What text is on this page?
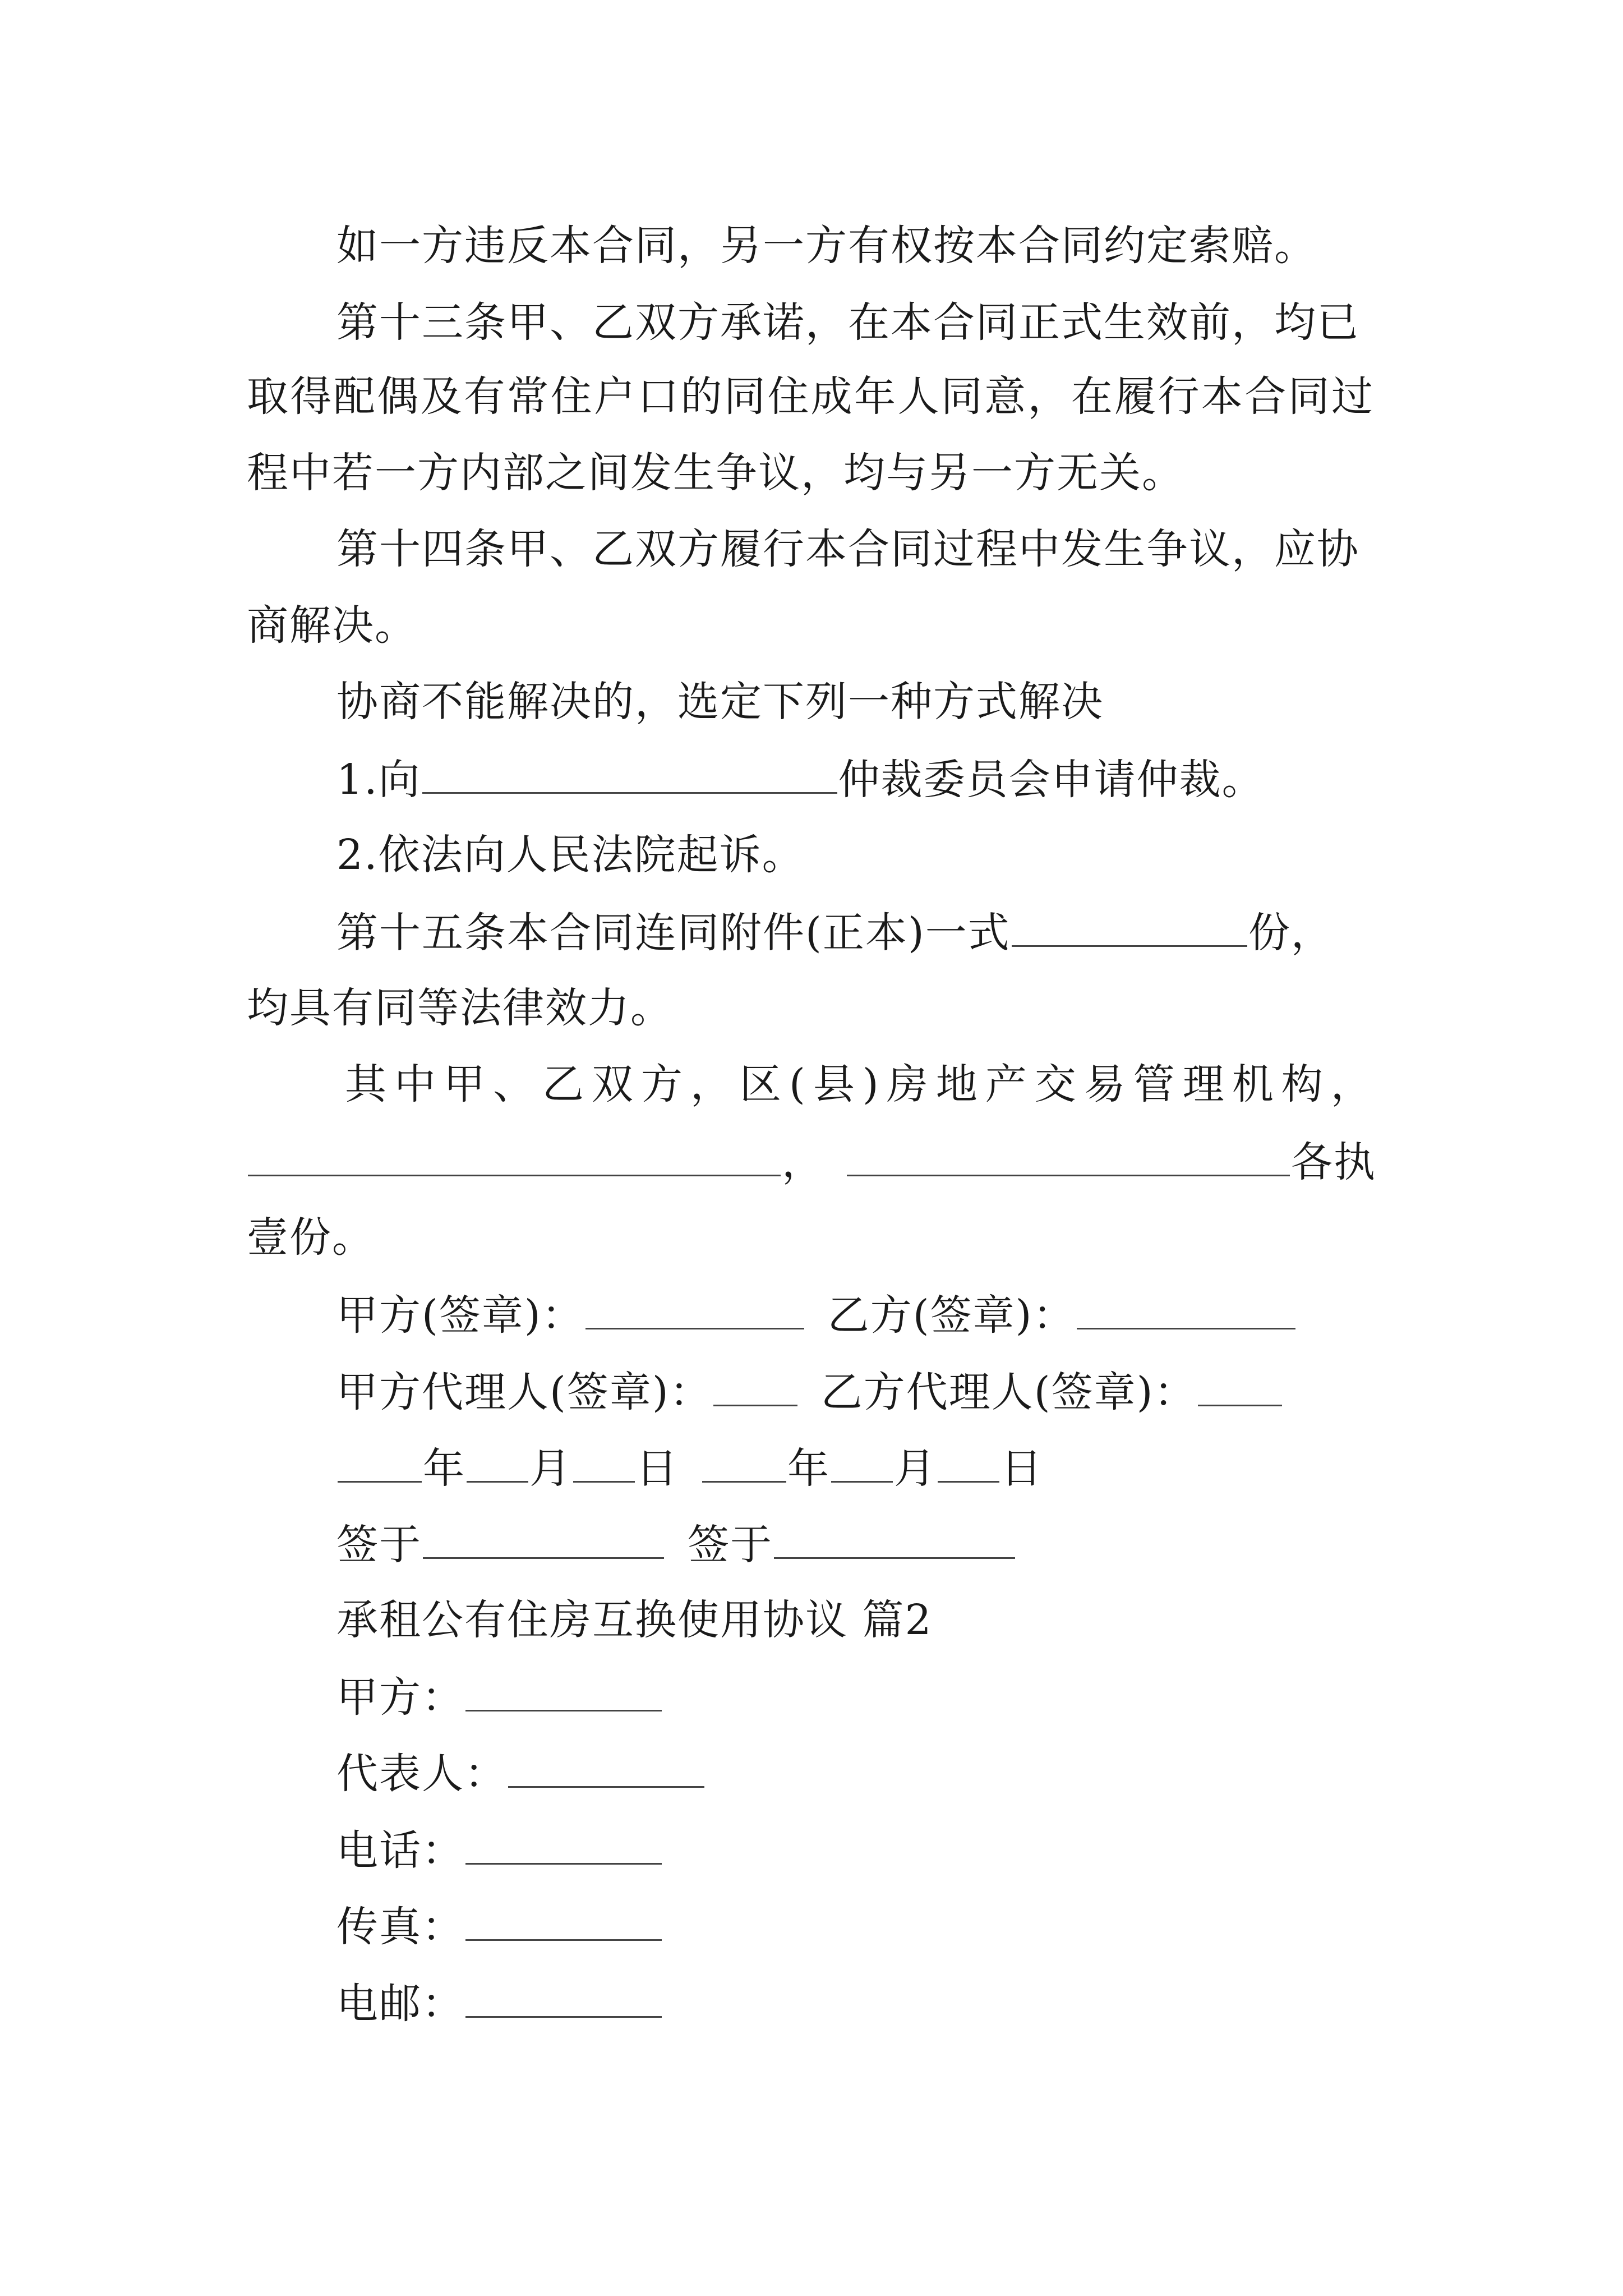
如一方违反本合同，另一方有权按本合同约定索赔。
第十三条甲、乙双方承诺，在本合同正式生效前，均已
取得配偶及有常住户口的同住成年人同意，在履行本合同过
程中若一方内部之间发生争议，均与另一方无关。
第十四条甲、乙双方履行本合同过程中发生争议，应协
商解决。
协商不能解决的，选定下列一种方式解决
1.向	仲裁委员会申请仲裁。
2.依法向人民法院起诉。
第十五条本合同连同附件(正本)一式	份，
均具有同等法律效力。
其中甲、乙双方，区(县)房地产交易管理机构，
，	各执
壹份。
甲方(签章)：	乙方(签章)：
甲方代理人(签章)：	乙方代理人(签章)：
年 月 日	年 月 日
签于	签于
承租公有住房互换使用协议 篇2
甲方：
代表人：
电话：
传真：
电邮：
